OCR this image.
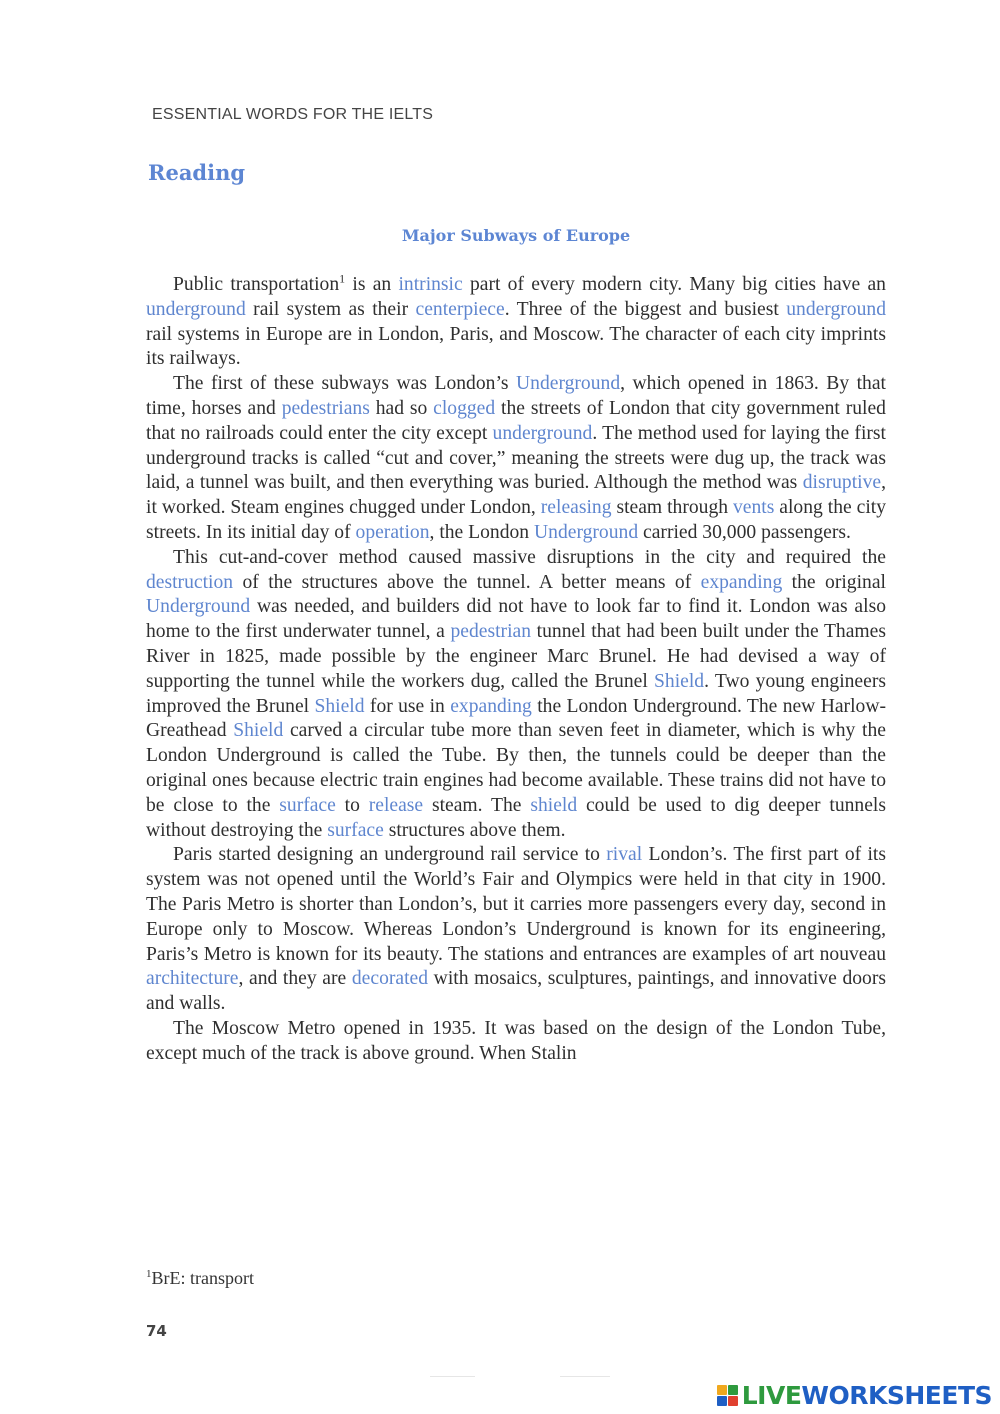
ESSENTIAL WORDS FOR THE IELTS
Reading
Major Subways of Europe

Public transportation$^1$ is an intrinsic part of every modern city. Many big cities have an underground rail system as their centerpiece. Three of the biggest and busiest underground rail systems in Europe are in London, Paris, and Moscow. The character of each city imprints its railways.

The first of these subways was London’s Underground, which opened in 1863. By that time, horses and pedestrians had so clogged the streets of London that city government ruled that no railroads could enter the city except underground. The method used for laying the first underground tracks is called “cut and cover,” meaning the streets were dug up, the track was laid, a tunnel was built, and then everything was buried. Although the method was disruptive, it worked. Steam engines chugged under London, releasing steam through vents along the city streets. In its initial day of operation, the London Underground carried 30,000 passengers.

This cut-and-cover method caused massive disruptions in the city and required the destruction of the structures above the tunnel. A better means of expanding the original Underground was needed, and builders did not have to look far to find it. London was also home to the first underwater tunnel, a pedestrian tunnel that had been built under the Thames River in 1825, made possible by the engineer Marc Brunel. He had devised a way of supporting the tunnel while the workers dug, called the Brunel Shield. Two young engineers improved the Brunel Shield for use in expanding the London Underground. The new Harlow-Greathead Shield carved a circular tube more than seven feet in diameter, which is why the London Underground is called the Tube. By then, the tunnels could be deeper than the original ones because electric train engines had become available. These trains did not have to be close to the surface to release steam. The shield could be used to dig deeper tunnels without destroying the surface structures above them.

Paris started designing an underground rail service to rival London’s. The first part of its system was not opened until the World’s Fair and Olympics were held in that city in 1900. The Paris Metro is shorter than London’s, but it carries more passengers every day, second in Europe only to Moscow. Whereas London’s Underground is known for its engineering, Paris’s Metro is known for its beauty. The stations and entrances are examples of art nouveau architecture, and they are decorated with mosaics, sculptures, paintings, and innovative doors and walls.

The Moscow Metro opened in 1935. It was based on the design of the London Tube, except much of the track is above ground. When Stalin

$^1$BrE: transport
74
LIVEWORKSHEETS
